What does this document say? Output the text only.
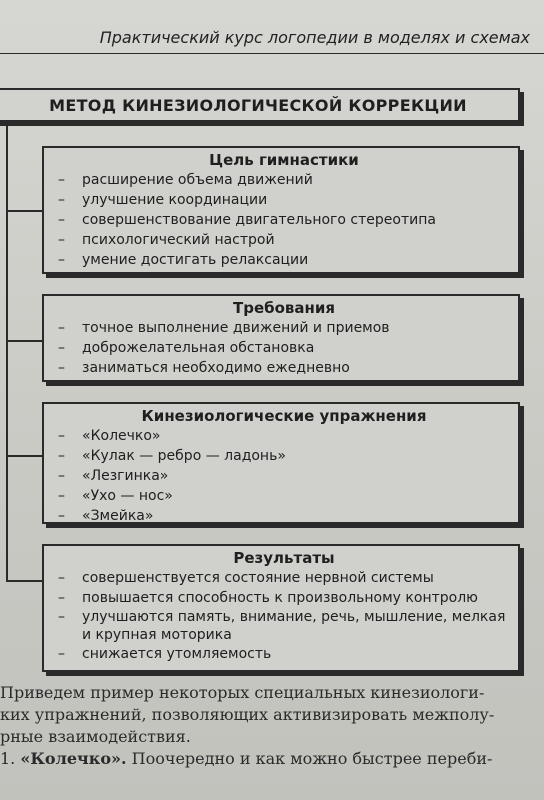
Практический курс логопедии в моделях и схемах
МЕТОД КИНЕЗИОЛОГИЧЕСКОЙ КОРРЕКЦИИ
Цель гимнастики
– расширение объема движений
– улучшение координации
– совершенствование двигательного стереотипа
– психологический настрой
– умение достигать релаксации
Требования
– точное выполнение движений и приемов
– доброжелательная обстановка
– заниматься необходимо ежедневно
Кинезиологические упражнения
– «Колечко»
– «Кулак — ребро — ладонь»
– «Лезгинка»
– «Ухо — нос»
– «Змейка»
Результаты
– совершенствуется состояние нервной системы
– повышается способность к произвольному контролю
– улучшаются память, внимание, речь, мышление, мелкая и крупная моторика
– снижается утомляемость

Приведем пример некоторых специальных кинезиологи-

ких упражнений, позволяющих активизировать межполу-

рные взаимодействия.

1. «Колечко». Поочередно и как можно быстрее переби-
